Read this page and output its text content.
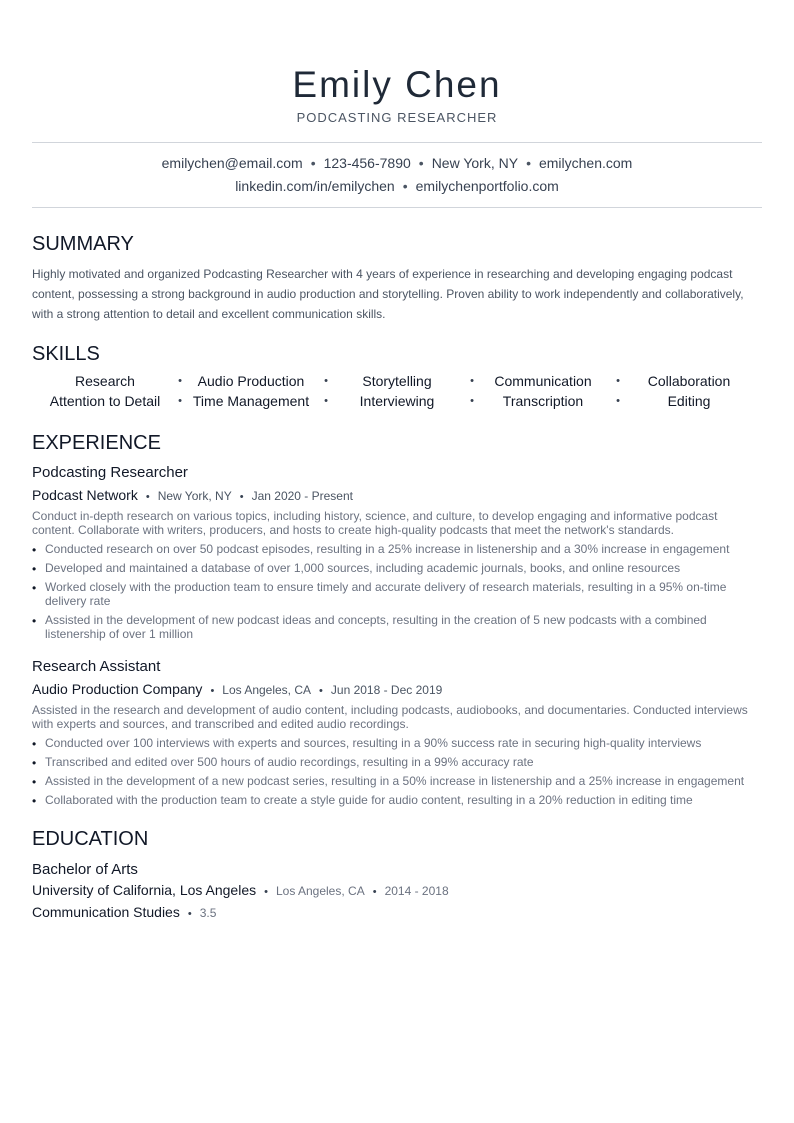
Emily Chen
PODCASTING RESEARCHER
emilychen@email.com • 123-456-7890 • New York, NY • emilychen.com
linkedin.com/in/emilychen • emilychenportfolio.com
SUMMARY

Highly motivated and organized Podcasting Researcher with 4 years of experience in researching and developing engaging podcast content, possessing a strong background in audio production and storytelling. Proven ability to work independently and collaboratively, with a strong attention to detail and excellent communication skills.

SKILLS
Research	•	Audio Production •	Storytelling	•	Communication •	Collaboration
Attention to Detail • Time Management •	Interviewing	•	Transcription	•	Editing
EXPERIENCE
Podcasting Researcher
Podcast Network • New York, NY • Jan 2020 - Present
Conduct in-depth research on various topics, including history, science, and culture, to develop engaging and informative podcast content. Collaborate with writers, producers, and hosts to create high-quality podcasts that meet the network's standards.
• Conducted research on over 50 podcast episodes, resulting in a 25% increase in listenership and a 30% increase in engagement
• Developed and maintained a database of over 1,000 sources, including academic journals, books, and online resources
• Worked closely with the production team to ensure timely and accurate delivery of research materials, resulting in a 95% on-time delivery rate
• Assisted in the development of new podcast ideas and concepts, resulting in the creation of 5 new podcasts with a combined listenership of over 1 million
Research Assistant
Audio Production Company • Los Angeles, CA • Jun 2018 - Dec 2019
Assisted in the research and development of audio content, including podcasts, audiobooks, and documentaries. Conducted interviews with experts and sources, and transcribed and edited audio recordings.
• Conducted over 100 interviews with experts and sources, resulting in a 90% success rate in securing high-quality interviews
• Transcribed and edited over 500 hours of audio recordings, resulting in a 99% accuracy rate
• Assisted in the development of a new podcast series, resulting in a 50% increase in listenership and a 25% increase in engagement
• Collaborated with the production team to create a style guide for audio content, resulting in a 20% reduction in editing time
EDUCATION
Bachelor of Arts
University of California, Los Angeles • Los Angeles, CA • 2014 - 2018
Communication Studies • 3.5
